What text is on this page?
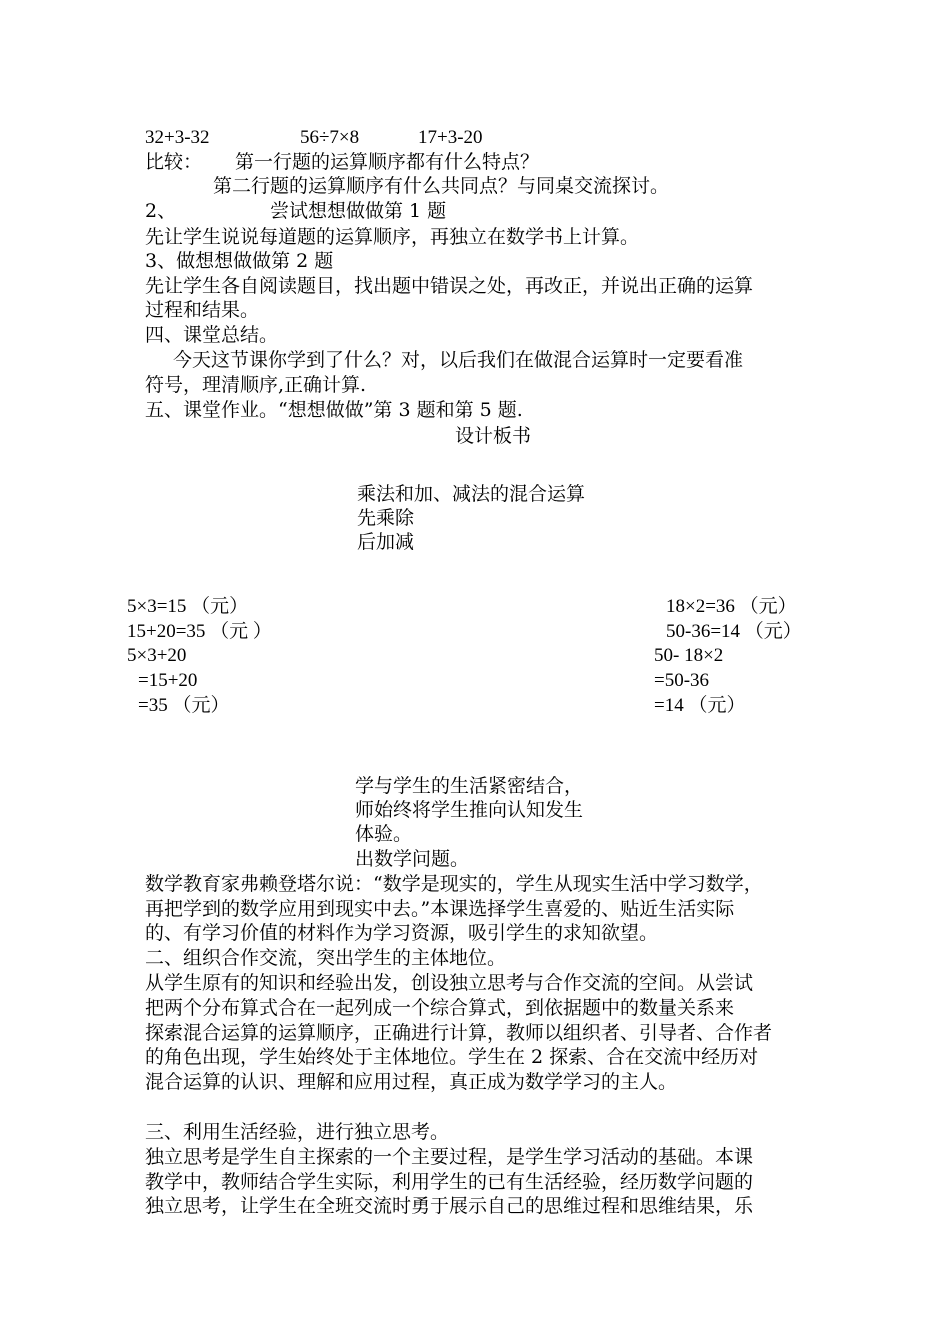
32+3-32	56÷7×8	17+3-20
比较： 第一行题的运算顺序都有什么特点？
第二行题的运算顺序有什么共同点？与同桌交流探讨。
2、	尝试想想做做第 1 题
先让学生说说每道题的运算顺序，再独立在数学书上计算。
3、做想想做做第 2 题
先让学生各自阅读题目，找出题中错误之处，再改正，并说出正确的运算
过程和结果。
四、课堂总结。
今天这节课你学到了什么？对，以后我们在做混合运算时一定要看准
符号，理清顺序,正确计算.
五、课堂作业。“想想做做”第 3 题和第 5 题.
设计板书
乘法和加、减法的混合运算
先乘除
后加减
5×3=15 （元）
15+20=35 （元 ）
5×3+20
=15+20
=35 （元）
18×2=36 （元）
50-36=14 （元）
50- 18×2
=50-36
=14 （元）
学与学生的生活紧密结合，
师始终将学生推向认知发生
体验。
出数学问题。
数学教育家弗赖登塔尔说：“数学是现实的，学生从现实生活中学习数学，
再把学到的数学应用到现实中去。”本课选择学生喜爱的、贴近生活实际
的、有学习价值的材料作为学习资源，吸引学生的求知欲望。
二、组织合作交流，突出学生的主体地位。
从学生原有的知识和经验出发，创设独立思考与合作交流的空间。从尝试
把两个分布算式合在一起列成一个综合算式，到依据题中的数量关系来
探索混合运算的运算顺序，正确进行计算，教师以组织者、引导者、合作者
的角色出现，学生始终处于主体地位。学生在 2 探索、合在交流中经历对
混合运算的认识、理解和应用过程，真正成为数学学习的主人。
三、利用生活经验，进行独立思考。
独立思考是学生自主探索的一个主要过程，是学生学习活动的基础。本课
教学中，教师结合学生实际，利用学生的已有生活经验，经历数学问题的
独立思考，让学生在全班交流时勇于展示自己的思维过程和思维结果，乐
